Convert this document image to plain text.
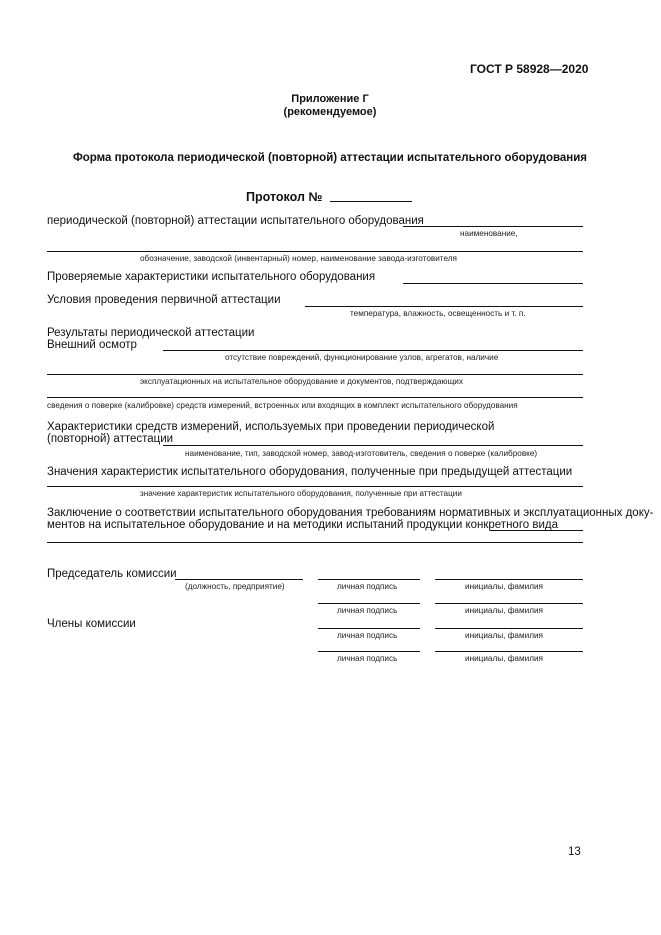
ГОСТ Р 58928—2020
Приложение Г
(рекомендуемое)
Форма протокола периодической (повторной) аттестации испытательного оборудования
Протокол №
периодической (повторной) аттестации испытательного оборудования
наименование,
обозначение, заводской (инвентарный) номер, наименование завода-изготовителя
Проверяемые характеристики испытательного оборудования
Условия проведения первичной аттестации
температура, влажность, освещенность и т. п.
Результаты периодической аттестации
Внешний осмотр
отсутствие повреждений, функционирование узлов, агрегатов, наличие
эксплуатационных на испытательное оборудование и документов, подтверждающих
сведения о поверке (калибровке) средств измерений, встроенных или входящих в комплект испытательного оборудования
Характеристики средств измерений, используемых при проведении периодической
(повторной) аттестации
наименование, тип, заводской номер, завод-изготовитель, сведения о поверке (калибровке)
Значения характеристик испытательного оборудования, полученные при предыдущей аттестации
значение характеристик испытательного оборудования, полученные при аттестации
Заключение о соответствии испытательного оборудования требованиям нормативных и эксплуатационных доку-
ментов на испытательное оборудование и на методики испытаний продукции конкретного вида
Председатель комиссии
(должность, предприятие)	личная подпись	инициалы, фамилия
личная подпись	инициалы, фамилия
Члены комиссии
личная подпись	инициалы, фамилия
личная подпись	инициалы, фамилия
13
